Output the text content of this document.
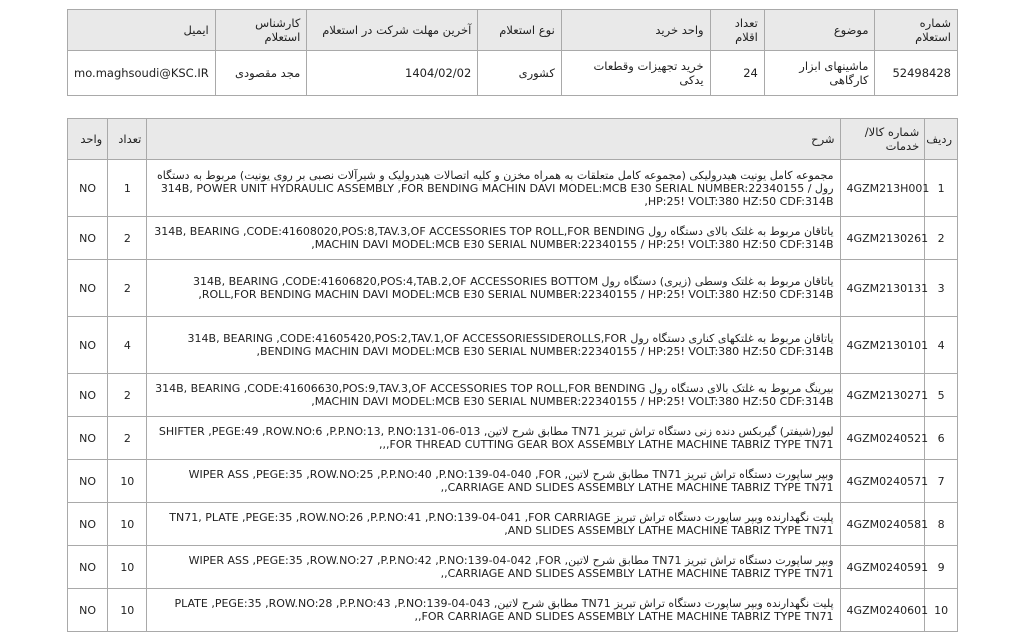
شماره استعلام	موضوع	تعداد اقلام	واحد خرید	نوع استعلام	آخرین مهلت شرکت در استعلام	کارشناس استعلام	ایمیل
52498428	ماشینهای ابزار کارگاهی	24	خرید تجهیزات وقطعات یدکی	کشوری	1404/02/02	مجد مقصودی	mo.maghsoudi@KSC.IR
ردیف	شماره کالا/خدمات	شرح	تعداد	واحد
1	4GZM213H001	مجموعه کامل یونیت هیدرولیکی (مجموعه کامل متعلقات به همراه مخزن و کلیه اتصالات هیدرولیک و شیرآلات نصبی بر روی یونیت) مربوط به دستگاه رول 314B, POWER UNIT HYDRAULIC ASSEMBLY ,FOR BENDING MACHIN DAVI MODEL:MCB E30 SERIAL NUMBER:22340155 / HP:25! VOLT:380 HZ:50 CDF:314B,	1	NO
2	4GZM2130261	یاتاقان مربوط به غلتک بالای دستگاه رول 314B, BEARING ,CODE:41608020,POS:8,TAV.3,OF ACCESSORIES TOP ROLL,FOR BENDING MACHIN DAVI MODEL:MCB E30 SERIAL NUMBER:22340155 / HP:25! VOLT:380 HZ:50 CDF:314B,	2	NO
3	4GZM2130131	یاتاقان مربوط به غلتک وسطی (زیری) دستگاه رول 314B, BEARING ,CODE:41606820,POS:4,TAB.2,OF ACCESSORIES BOTTOM ROLL,FOR BENDING MACHIN DAVI MODEL:MCB E30 SERIAL NUMBER:22340155 / HP:25! VOLT:380 HZ:50 CDF:314B,	2	NO
4	4GZM2130101	یاتاقان مربوط به غلتکهای کناری دستگاه رول 314B, BEARING ,CODE:41605420,POS:2,TAV.1,OF ACCESSORIESSIDEROLLS,FOR BENDING MACHIN DAVI MODEL:MCB E30 SERIAL NUMBER:22340155 / HP:25! VOLT:380 HZ:50 CDF:314B,	4	NO
5	4GZM2130271	بیرینگ مربوط به غلتک بالای دستگاه رول 314B, BEARING ,CODE:41606630,POS:9,TAV.3,OF ACCESSORIES TOP ROLL,FOR BENDING MACHIN DAVI MODEL:MCB E30 SERIAL NUMBER:22340155 / HP:25! VOLT:380 HZ:50 CDF:314B,	2	NO
6	4GZM0240521	لیور(شیفتر) گیربکس دنده زنی دستگاه تراش تبریز TN71 مطابق شرح لاتین, SHIFTER ,PEGE:49 ,ROW.NO:6 ,P.P.NO:13, P.NO:131-06-013 ,FOR THREAD CUTTING GEAR BOX ASSEMBLY LATHE MACHINE TABRIZ TYPE TN71,,	2	NO
7	4GZM0240571	وبپر ساپورت دستگاه تراش تبریز TN71 مطابق شرح لاتین, WIPER ASS ,PEGE:35 ,ROW.NO:25 ,P.P.NO:40 ,P.NO:139-04-040 ,FOR CARRIAGE AND SLIDES ASSEMBLY LATHE MACHINE TABRIZ TYPE TN71,,	10	NO
8	4GZM0240581	پلیت نگهدارنده وبپر ساپورت دستگاه تراش تبریز TN71, PLATE ,PEGE:35 ,ROW.NO:26 ,P.P.NO:41 ,P.NO:139-04-041 ,FOR CARRIAGE AND SLIDES ASSEMBLY LATHE MACHINE TABRIZ TYPE TN71,	10	NO
9	4GZM0240591	وبپر ساپورت دستگاه تراش تبریز TN71 مطابق شرح لاتین, WIPER ASS ,PEGE:35 ,ROW.NO:27 ,P.P.NO:42 ,P.NO:139-04-042 ,FOR CARRIAGE AND SLIDES ASSEMBLY LATHE MACHINE TABRIZ TYPE TN71,,	10	NO
10	4GZM0240601	پلیت نگهدارنده وبپر ساپورت دستگاه تراش تبریز TN71 مطابق شرح لاتین, PLATE ,PEGE:35 ,ROW.NO:28 ,P.P.NO:43 ,P.NO:139-04-043 ,FOR CARRIAGE AND SLIDES ASSEMBLY LATHE MACHINE TABRIZ TYPE TN71,	10	NO
